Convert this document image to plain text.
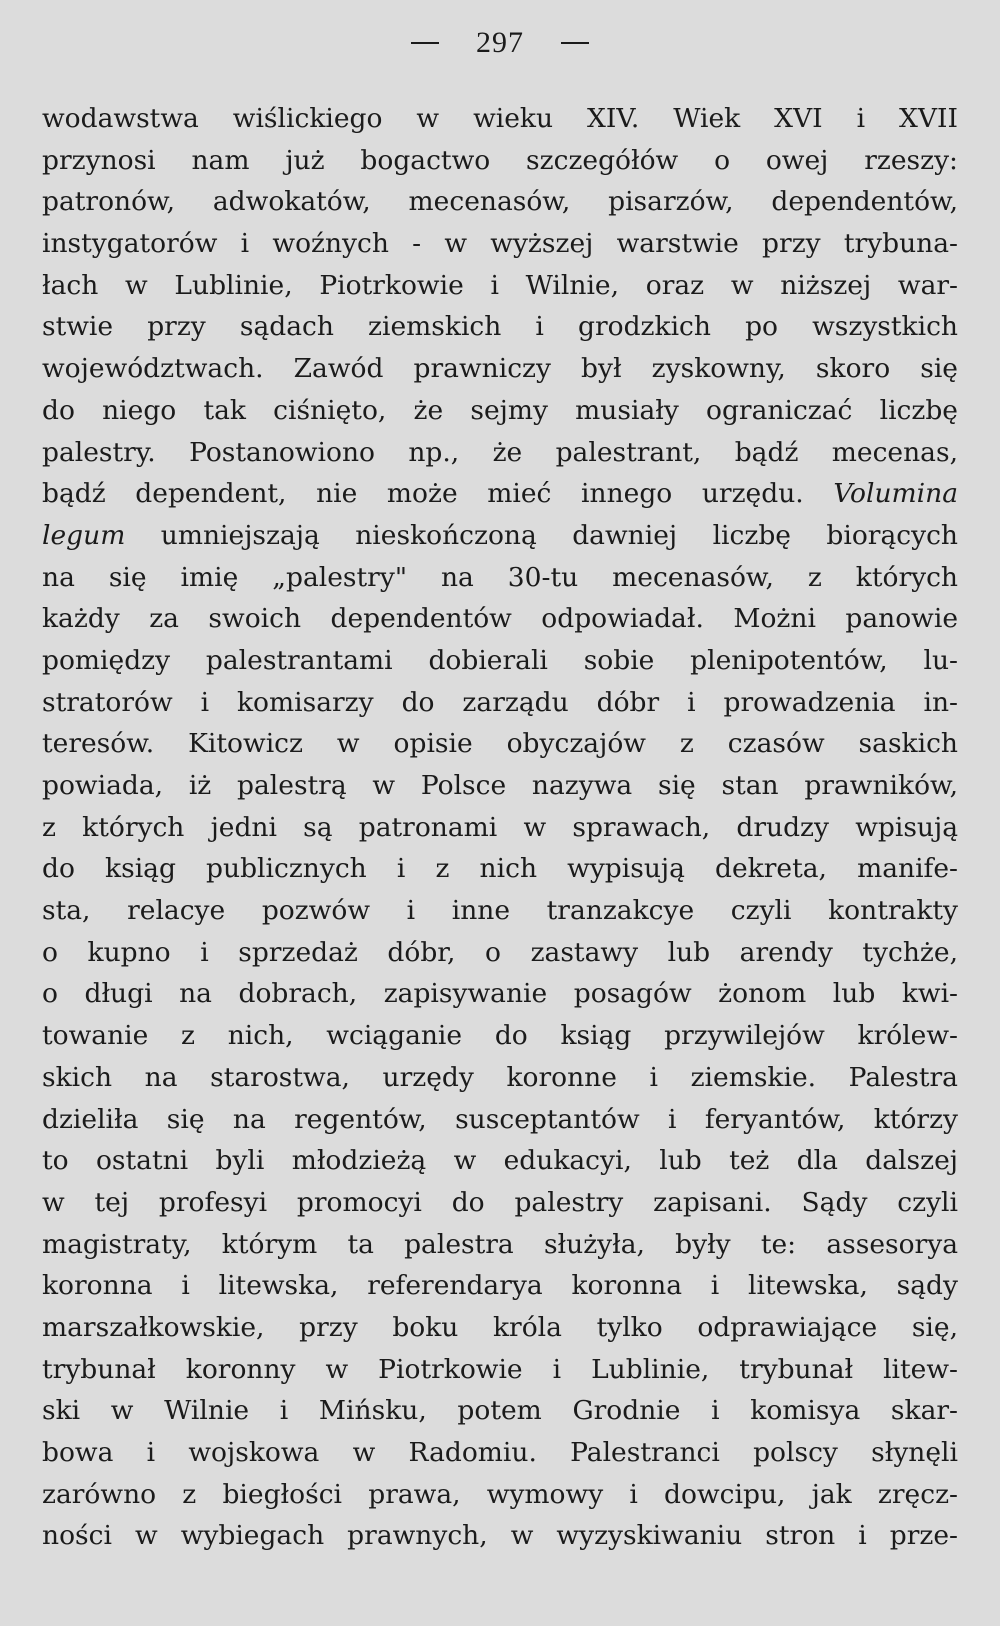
297
wodawstwa wiślickiego w wieku XIV. Wiek XVI i XVII
przynosi nam już bogactwo szczegółów o owej rzeszy:
patronów, adwokatów, mecenasów, pisarzów, dependentów,
instygatorów i woźnych - w wyższej warstwie przy trybuna-
łach w Lublinie, Piotrkowie i Wilnie, oraz w niższej war-
stwie przy sądach ziemskich i grodzkich po wszystkich
województwach. Zawód prawniczy był zyskowny, skoro się
do niego tak ciśnięto, że sejmy musiały ograniczać liczbę
palestry. Postanowiono np., że palestrant, bądź mecenas,
bądź dependent, nie może mieć innego urzędu. Volumina
legum umniejszają nieskończoną dawniej liczbę biorących
na się imię „palestry" na 30-tu mecenasów, z których
każdy za swoich dependentów odpowiadał. Możni panowie
pomiędzy palestrantami dobierali sobie plenipotentów, lu-
stratorów i komisarzy do zarządu dóbr i prowadzenia in-
teresów. Kitowicz w opisie obyczajów z czasów saskich
powiada, iż palestrą w Polsce nazywa się stan prawników,
z których jedni są patronami w sprawach, drudzy wpisują
do ksiąg publicznych i z nich wypisują dekreta, manife-
sta, relacye pozwów i inne tranzakcye czyli kontrakty
o kupno i sprzedaż dóbr, o zastawy lub arendy tychże,
o długi na dobrach, zapisywanie posagów żonom lub kwi-
towanie z nich, wciąganie do ksiąg przywilejów królew-
skich na starostwa, urzędy koronne i ziemskie. Palestra
dzieliła się na regentów, susceptantów i feryantów, którzy
to ostatni byli młodzieżą w edukacyi, lub też dla dalszej
w tej profesyi promocyi do palestry zapisani. Sądy czyli
magistraty, którym ta palestra służyła, były te: assesorya
koronna i litewska, referendarya koronna i litewska, sądy
marszałkowskie, przy boku króla tylko odprawiające się,
trybunał koronny w Piotrkowie i Lublinie, trybunał litew-
ski w Wilnie i Mińsku, potem Grodnie i komisya skar-
bowa i wojskowa w Radomiu. Palestranci polscy słynęli
zarówno z biegłości prawa, wymowy i dowcipu, jak zręcz-
ności w wybiegach prawnych, w wyzyskiwaniu stron i prze-
